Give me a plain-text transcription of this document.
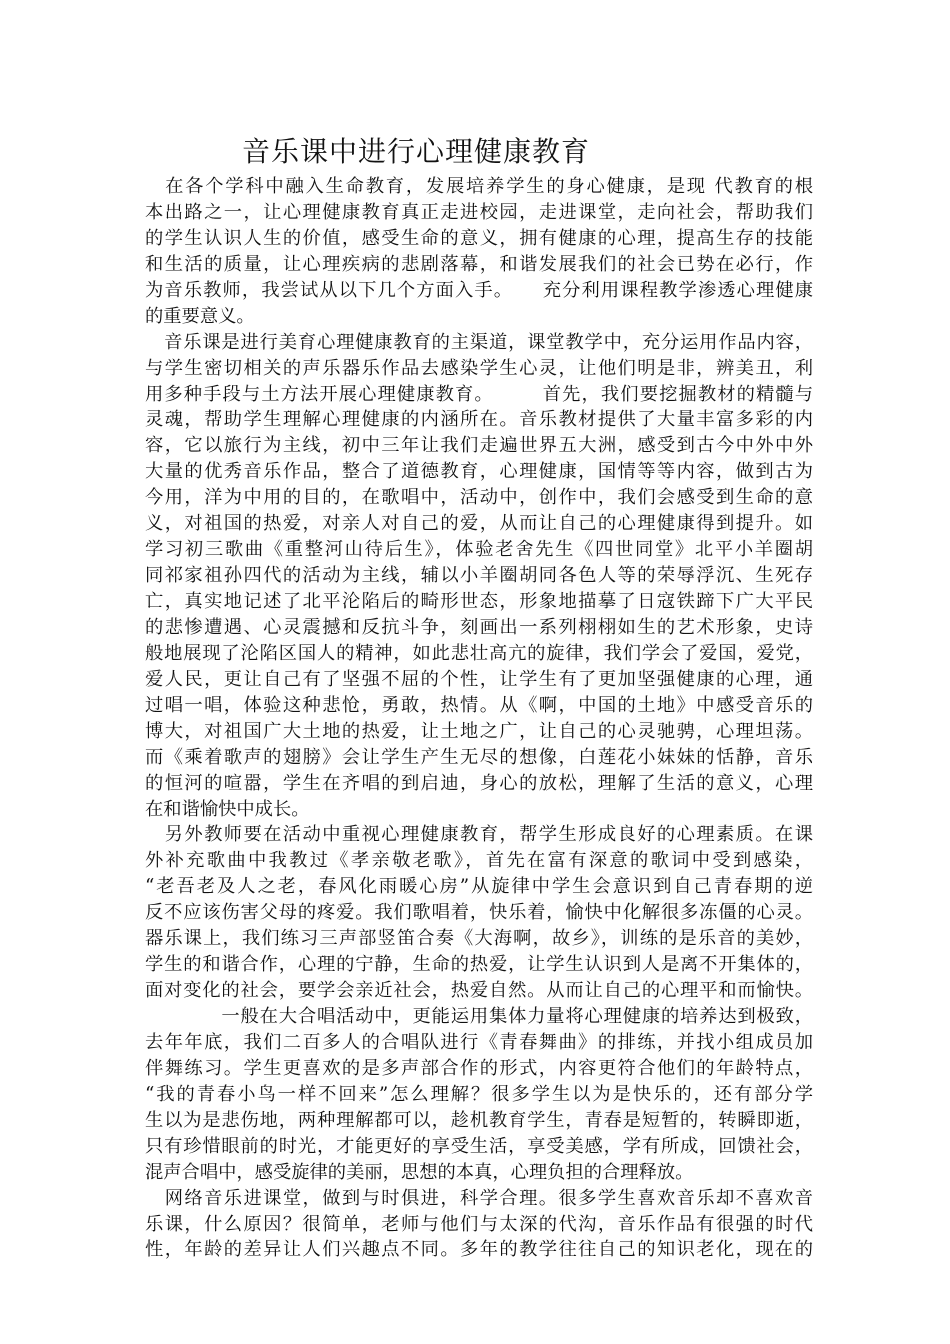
音乐课中进行心理健康教育
　在各个学科中融入生命教育，发展培养学生的身心健康，是现 代教育的根
本出路之一，让心理健康教育真正走进校园，走进课堂，走向社会，帮助我们
的学生认识人生的价值，感受生命的意义，拥有健康的心理，提高生存的技能
和生活的质量，让心理疾病的悲剧落幕，和谐发展我们的社会已势在必行，作
为音乐教师，我尝试从以下几个方面入手。　　充分利用课程教学渗透心理健康
的重要意义。
　音乐课是进行美育心理健康教育的主渠道，课堂教学中，充分运用作品内容，
与学生密切相关的声乐器乐作品去感染学生心灵，让他们明是非，辨美丑，利
用多种手段与土方法开展心理健康教育。　　　首先，我们要挖掘教材的精髓与
灵魂，帮助学生理解心理健康的内涵所在。音乐教材提供了大量丰富多彩的内
容，它以旅行为主线，初中三年让我们走遍世界五大洲，感受到古今中外中外
大量的优秀音乐作品，整合了道德教育，心理健康，国情等等内容，做到古为
今用，洋为中用的目的，在歌唱中，活动中，创作中，我们会感受到生命的意
义，对祖国的热爱，对亲人对自己的爱，从而让自己的心理健康得到提升。如
学习初三歌曲《重整河山待后生》，体验老舍先生《四世同堂》北平小羊圈胡
同祁家祖孙四代的活动为主线，辅以小羊圈胡同各色人等的荣辱浮沉、生死存
亡，真实地记述了北平沦陷后的畸形世态，形象地描摹了日寇铁蹄下广大平民
的悲惨遭遇、心灵震撼和反抗斗争，刻画出一系列栩栩如生的艺术形象，史诗
般地展现了沦陷区国人的精神，如此悲壮高亢的旋律，我们学会了爱国，爱党，
爱人民，更让自己有了坚强不屈的个性，让学生有了更加坚强健康的心理，通
过唱一唱，体验这种悲怆，勇敢，热情。从《啊，中国的土地》中感受音乐的
博大，对祖国广大土地的热爱，让土地之广，让自己的心灵驰骋，心理坦荡。
而《乘着歌声的翅膀》会让学生产生无尽的想像，白莲花小妹妹的恬静，音乐
的恒河的喧嚣，学生在齐唱的到启迪，身心的放松，理解了生活的意义，心理
在和谐愉快中成长。
　另外教师要在活动中重视心理健康教育，帮学生形成良好的心理素质。在课
外补充歌曲中我教过《孝亲敬老歌》，首先在富有深意的歌词中受到感染，
“老吾老及人之老，春风化雨暖心房”从旋律中学生会意识到自己青春期的逆
反不应该伤害父母的疼爱。我们歌唱着，快乐着，愉快中化解很多冻僵的心灵。
器乐课上，我们练习三声部竖笛合奏《大海啊，故乡》，训练的是乐音的美妙，
学生的和谐合作，心理的宁静，生命的热爱，让学生认识到人是离不开集体的，
面对变化的社会，要学会亲近社会，热爱自然。从而让自己的心理平和而愉快。
　　　　一般在大合唱活动中，更能运用集体力量将心理健康的培养达到极致，
去年年底，我们二百多人的合唱队进行《青春舞曲》的排练，并找小组成员加
伴舞练习。学生更喜欢的是多声部合作的形式，内容更符合他们的年龄特点，
“我的青春小鸟一样不回来”怎么理解？很多学生以为是快乐的，还有部分学
生以为是悲伤地，两种理解都可以，趁机教育学生，青春是短暂的，转瞬即逝，
只有珍惜眼前的时光，才能更好的享受生活，享受美感，学有所成，回馈社会，
混声合唱中，感受旋律的美丽，思想的本真，心理负担的合理释放。
　网络音乐进课堂，做到与时俱进，科学合理。很多学生喜欢音乐却不喜欢音
乐课，什么原因？很简单，老师与他们与太深的代沟，音乐作品有很强的时代
性，年龄的差异让人们兴趣点不同。多年的教学往往自己的知识老化，现在的
